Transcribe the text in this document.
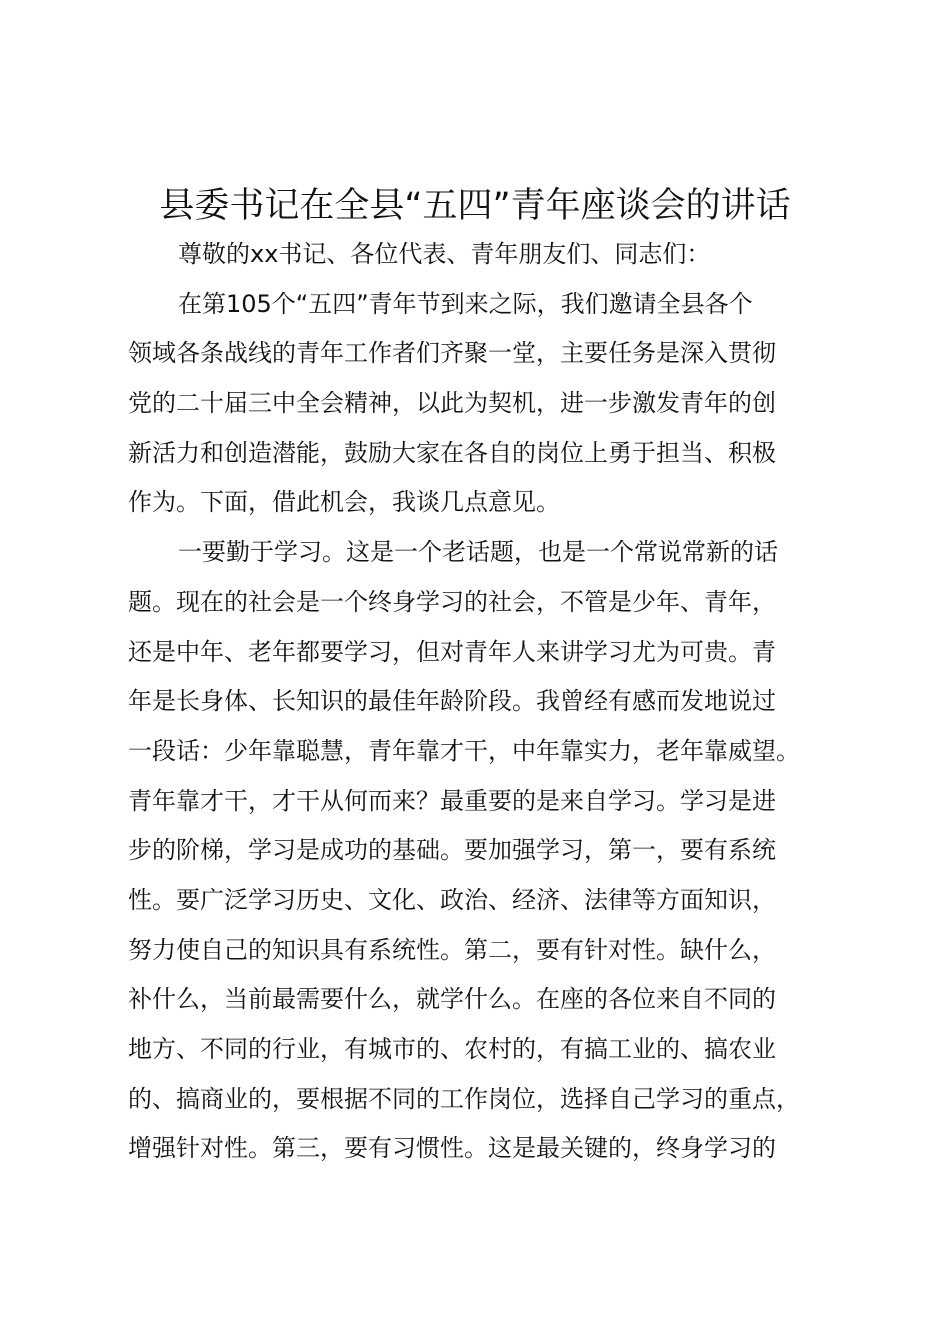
县委书记在全县“五四”青年座谈会的讲话
尊敬的xx书记、各位代表、青年朋友们、同志们：
在第105个“五四”青年节到来之际，我们邀请全县各个
领域各条战线的青年工作者们齐聚一堂，主要任务是深入贯彻
党的二十届三中全会精神，以此为契机，进一步激发青年的创
新活力和创造潜能，鼓励大家在各自的岗位上勇于担当、积极
作为。下面，借此机会，我谈几点意见。
一要勤于学习。这是一个老话题，也是一个常说常新的话
题。现在的社会是一个终身学习的社会，不管是少年、青年，
还是中年、老年都要学习，但对青年人来讲学习尤为可贵。青
年是长身体、长知识的最佳年龄阶段。我曾经有感而发地说过
一段话：少年靠聪慧，青年靠才干，中年靠实力，老年靠威望。
青年靠才干，才干从何而来？最重要的是来自学习。学习是进
步的阶梯，学习是成功的基础。要加强学习，第一，要有系统
性。要广泛学习历史、文化、政治、经济、法律等方面知识，
努力使自己的知识具有系统性。第二，要有针对性。缺什么，
补什么，当前最需要什么，就学什么。在座的各位来自不同的
地方、不同的行业，有城市的、农村的，有搞工业的、搞农业
的、搞商业的，要根据不同的工作岗位，选择自己学习的重点，
增强针对性。第三，要有习惯性。这是最关键的，终身学习的
